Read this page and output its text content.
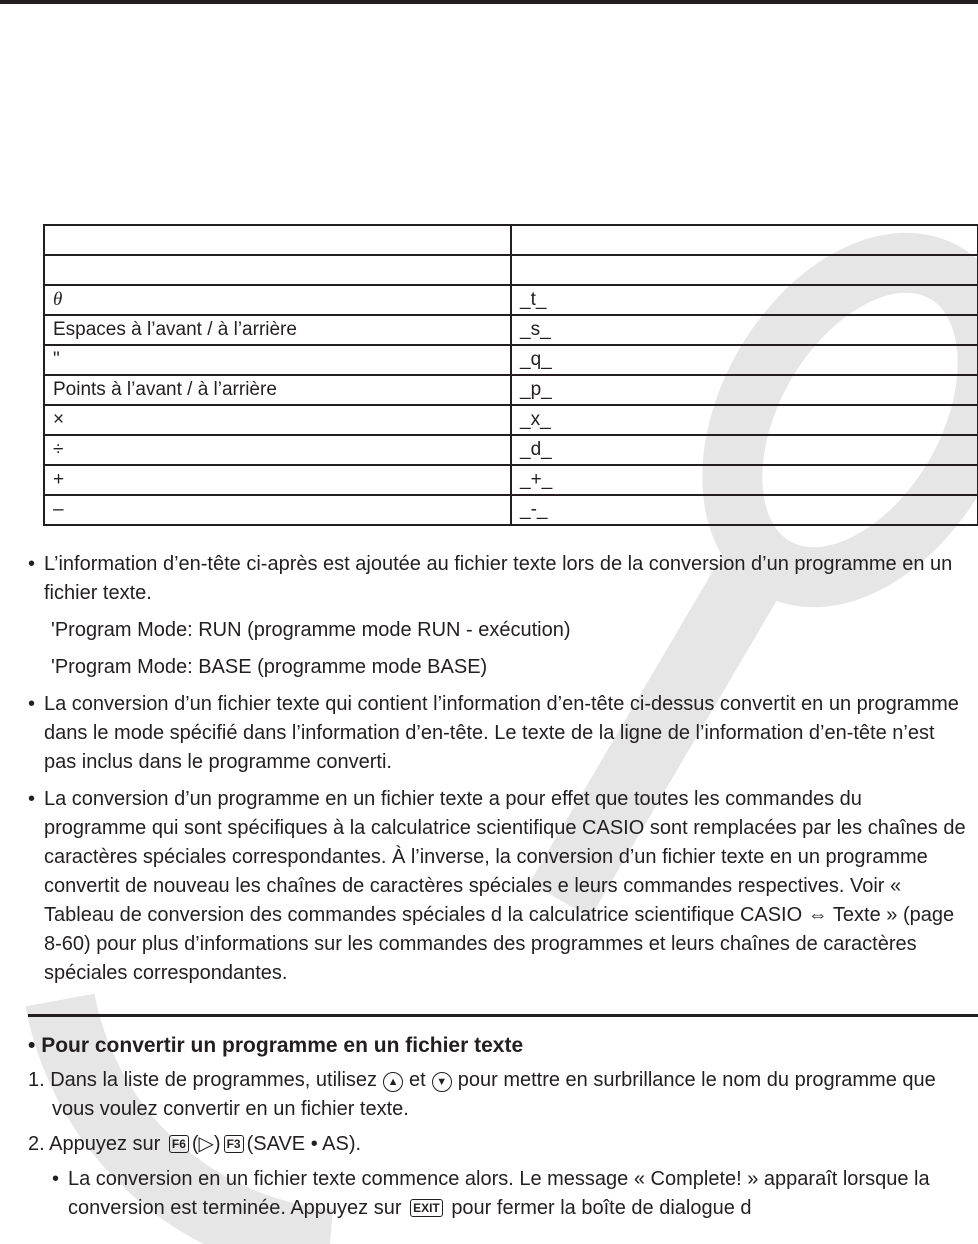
θ	_t_
Espaces à l’avant / à l’arrière	_s_
"	_q_
Points à l’avant / à l’arrière	_p_
×	_x_
÷	_d_
+	_+_
–	_-_
• L’information d’en-tête ci-après est ajoutée au fichier texte lors de la conversion d’un programme en un fichier texte.
'Program Mode: RUN (programme mode RUN - exécution)
'Program Mode: BASE (programme mode BASE)
• La conversion d’un fichier texte qui contient l’information d’en-tête ci-dessus convertit en un programme dans le mode spécifié dans l’information d’en-tête. Le texte de la ligne de l’information d’en-tête n’est pas inclus dans le programme converti.
• La conversion d’un programme en un fichier texte a pour effet que toutes les commandes du programme qui sont spécifiques à la calculatrice scientifique CASIO sont remplacées par les chaînes de caractères spéciales correspondantes. À l’inverse, la conversion d’un fichier texte en un programme convertit de nouveau les chaînes de caractères spéciales e leurs commandes respectives. Voir « Tableau de conversion des commandes spéciales d la calculatrice scientifique CASIO ⇔ Texte » (page 8-60) pour plus d’informations sur les commandes des programmes et leurs chaînes de caractères spéciales correspondantes.
• Pour convertir un programme en un fichier texte
1. Dans la liste de programmes, utilisez ▲ et ▼ pour mettre en surbrillance le nom du programme que vous voulez convertir en un fichier texte.
2. Appuyez sur F6 (▷) F3 (SAVE • AS).
• La conversion en un fichier texte commence alors. Le message « Complete! » apparaît lorsque la conversion est terminée. Appuyez sur EXIT pour fermer la boîte de dialogue d
